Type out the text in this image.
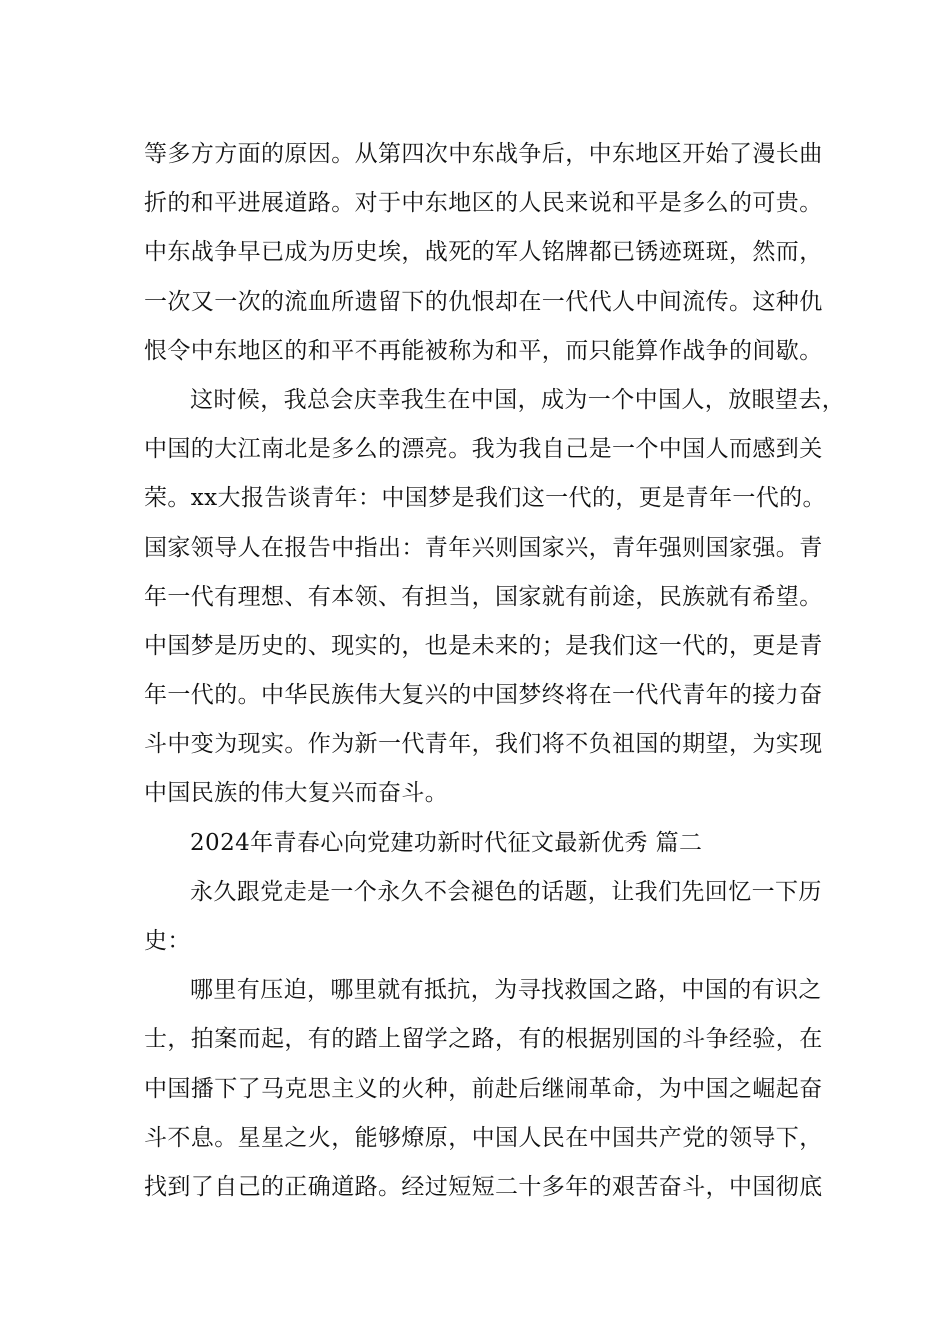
等多方方面的原因。从第四次中东战争后，中东地区开始了漫长曲
折的和平进展道路。对于中东地区的人民来说和平是多么的可贵。
中东战争早已成为历史埃，战死的军人铭牌都已锈迹斑斑，然而，
一次又一次的流血所遗留下的仇恨却在一代代人中间流传。这种仇
恨令中东地区的和平不再能被称为和平，而只能算作战争的间歇。
这时候，我总会庆幸我生在中国，成为一个中国人，放眼望去，
中国的大江南北是多么的漂亮。我为我自己是一个中国人而感到关
荣。xx大报告谈青年：中国梦是我们这一代的，更是青年一代的。
国家领导人在报告中指出：青年兴则国家兴，青年强则国家强。青
年一代有理想、有本领、有担当，国家就有前途，民族就有希望。
中国梦是历史的、现实的，也是未来的；是我们这一代的，更是青
年一代的。中华民族伟大复兴的中国梦终将在一代代青年的接力奋
斗中变为现实。作为新一代青年，我们将不负祖国的期望，为实现
中国民族的伟大复兴而奋斗。
2024年青春心向党建功新时代征文最新优秀 篇二
永久跟党走是一个永久不会褪色的话题，让我们先回忆一下历
史：
哪里有压迫，哪里就有抵抗，为寻找救国之路，中国的有识之
士，拍案而起，有的踏上留学之路，有的根据别国的斗争经验，在
中国播下了马克思主义的火种，前赴后继闹革命，为中国之崛起奋
斗不息。星星之火，能够燎原，中国人民在中国共产党的领导下，
找到了自己的正确道路。经过短短二十多年的艰苦奋斗，中国彻底
